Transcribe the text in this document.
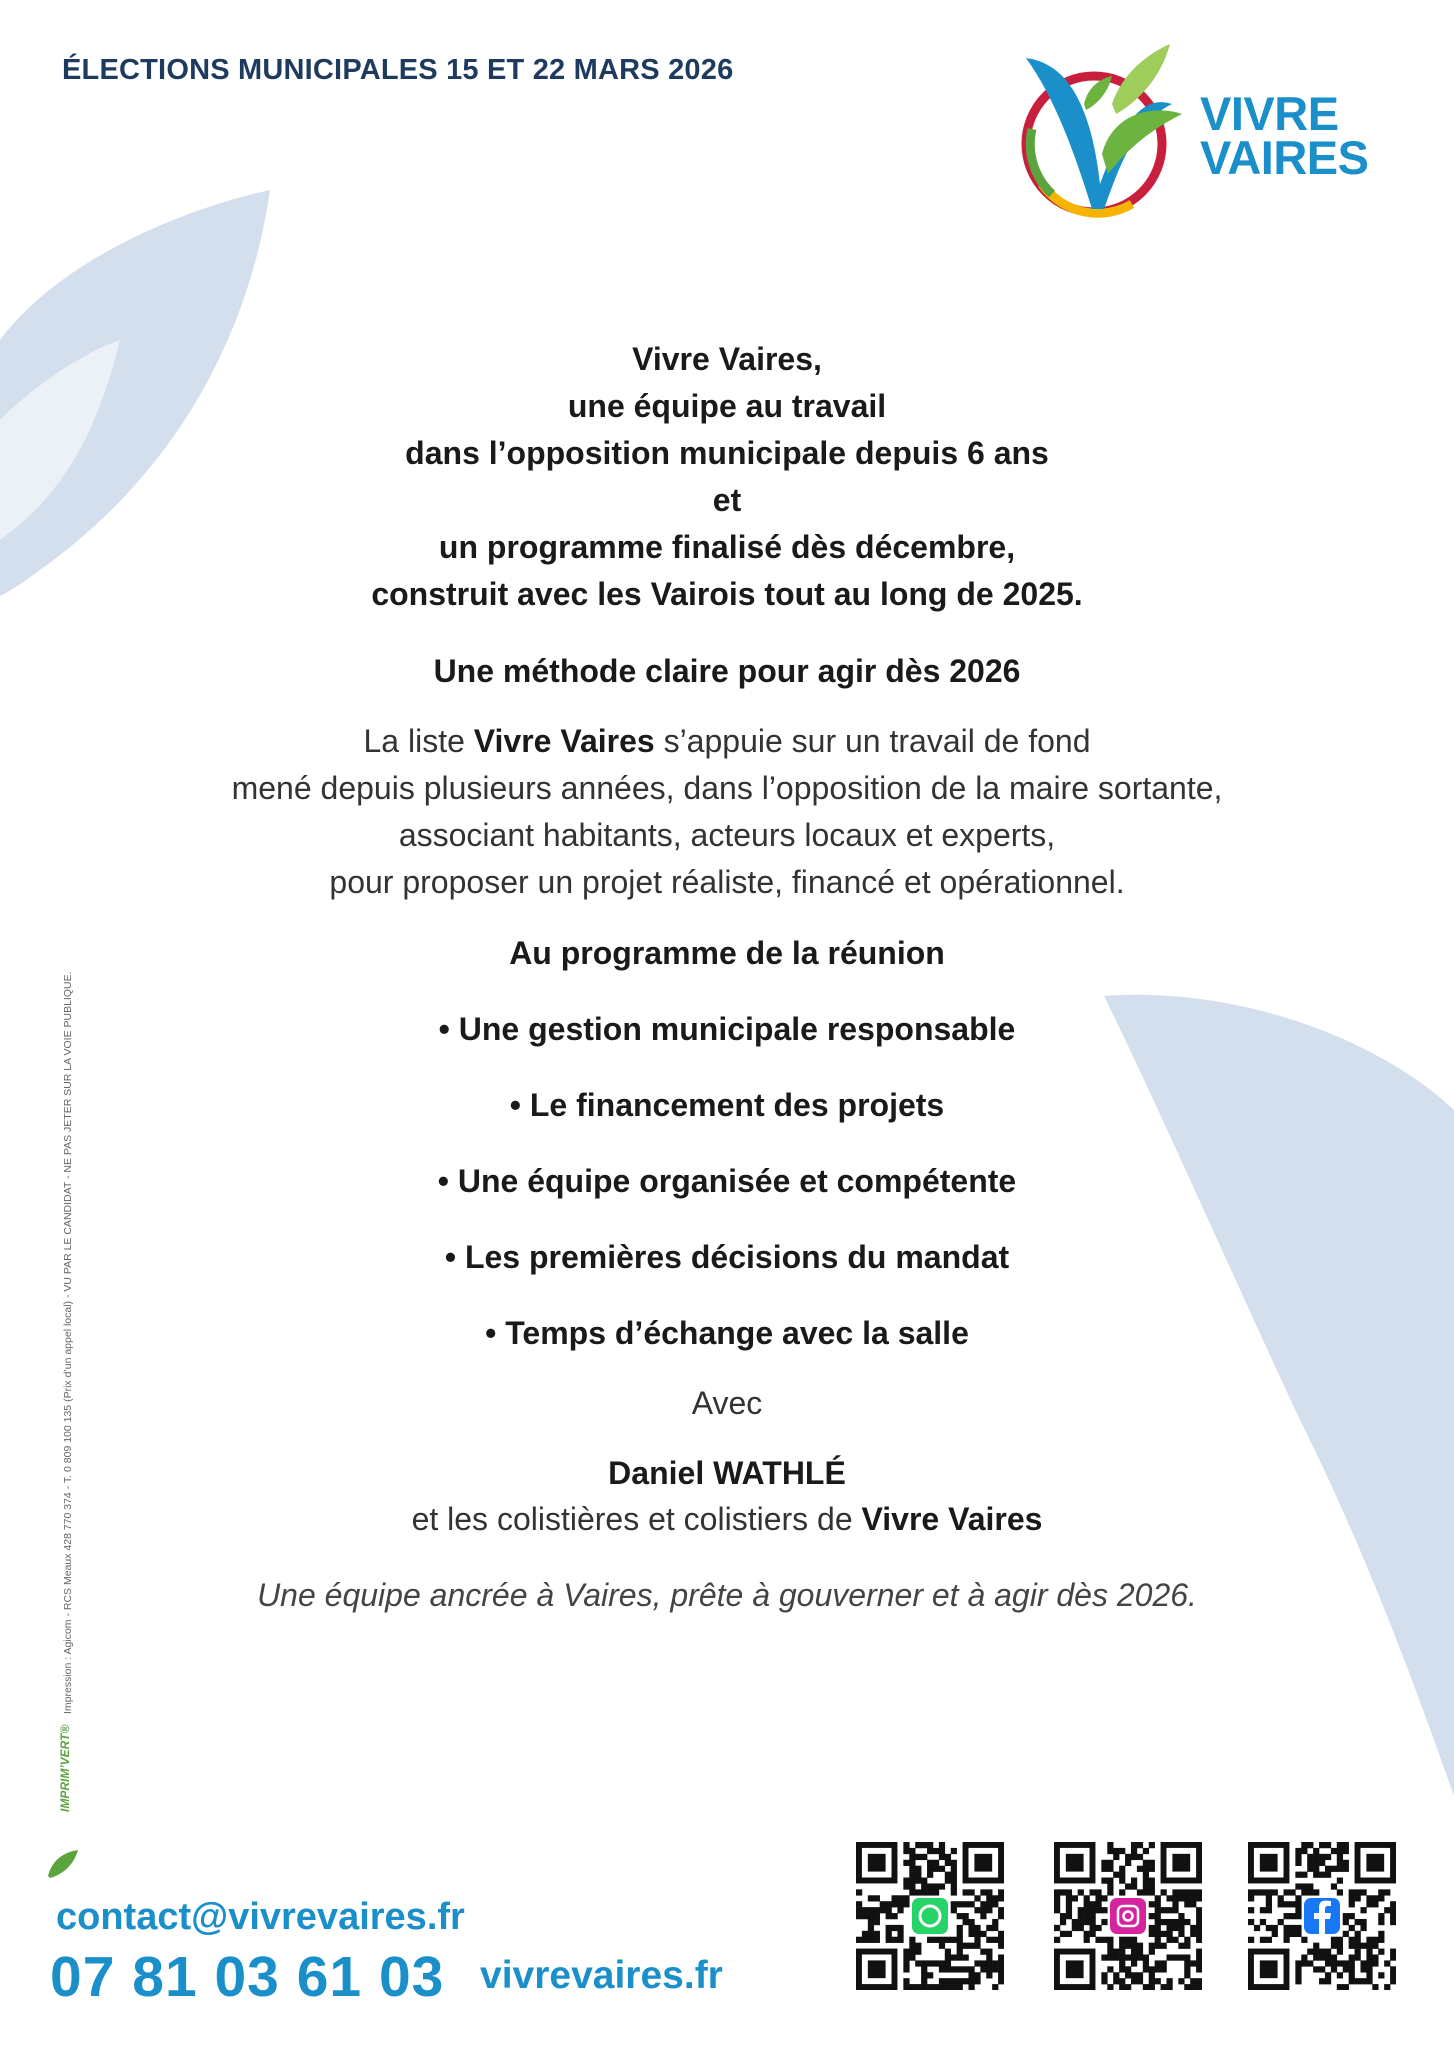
ÉLECTIONS MUNICIPALES 15 ET 22 MARS 2026
VIVRE
VAIRES
Vivre Vaires,
une équipe au travail
dans l’opposition municipale depuis 6 ans
et
un programme finalisé dès décembre,
construit avec les Vairois tout au long de 2025.
Une méthode claire pour agir dès 2026
La liste Vivre Vaires s’appuie sur un travail de fond
mené depuis plusieurs années, dans l’opposition de la maire sortante,
associant habitants, acteurs locaux et experts,
pour proposer un projet réaliste, financé et opérationnel.
Au programme de la réunion
• Une gestion municipale responsable
• Le financement des projets
• Une équipe organisée et compétente
• Les premières décisions du mandat
• Temps d’échange avec la salle
Avec
Daniel WATHLÉ
et les colistières et colistiers de Vivre Vaires
Une équipe ancrée à Vaires, prête à gouverner et à agir dès 2026.
Impression : Agicom - RCS Meaux 428 770 374 - T. 0 809 100 135 (Prix d’un appel local) - VU PAR LE CANDIDAT - NE PAS JETER SUR LA VOIE PUBLIQUE.
IMPRIM’VERT®
contact@vivrevaires.fr
07 81 03 61 03 vivrevaires.fr
